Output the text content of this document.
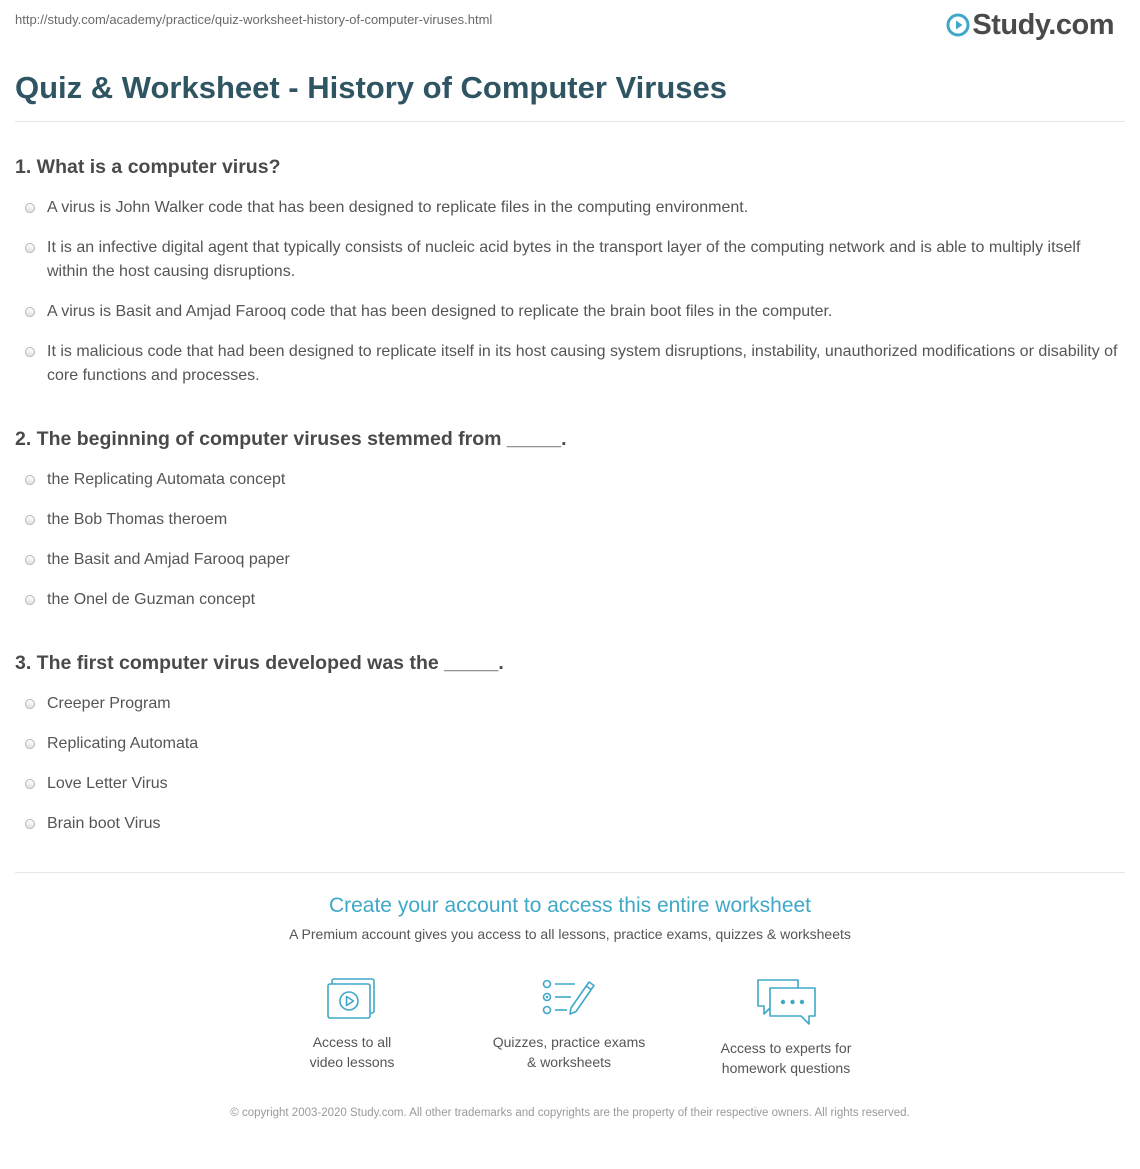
http://study.com/academy/practice/quiz-worksheet-history-of-computer-viruses.html	Study.com
Quiz & Worksheet - History of Computer Viruses
1. What is a computer virus?
A virus is John Walker code that has been designed to replicate files in the computing environment.
It is an infective digital agent that typically consists of nucleic acid bytes in the transport layer of the computing network and is able to multiply itself within the host causing disruptions.
A virus is Basit and Amjad Farooq code that has been designed to replicate the brain boot files in the computer.
It is malicious code that had been designed to replicate itself in its host causing system disruptions, instability, unauthorized modifications or disability of core functions and processes.
2. The beginning of computer viruses stemmed from _____.
the Replicating Automata concept
the Bob Thomas theroem
the Basit and Amjad Farooq paper
the Onel de Guzman concept
3. The first computer virus developed was the _____.
Creeper Program
Replicating Automata
Love Letter Virus
Brain boot Virus
Create your account to access this entire worksheet
A Premium account gives you access to all lessons, practice exams, quizzes & worksheets
Access to all
video lessons
Quizzes, practice exams
& worksheets
Access to experts for
homework questions
© copyright 2003-2020 Study.com. All other trademarks and copyrights are the property of their respective owners. All rights reserved.
